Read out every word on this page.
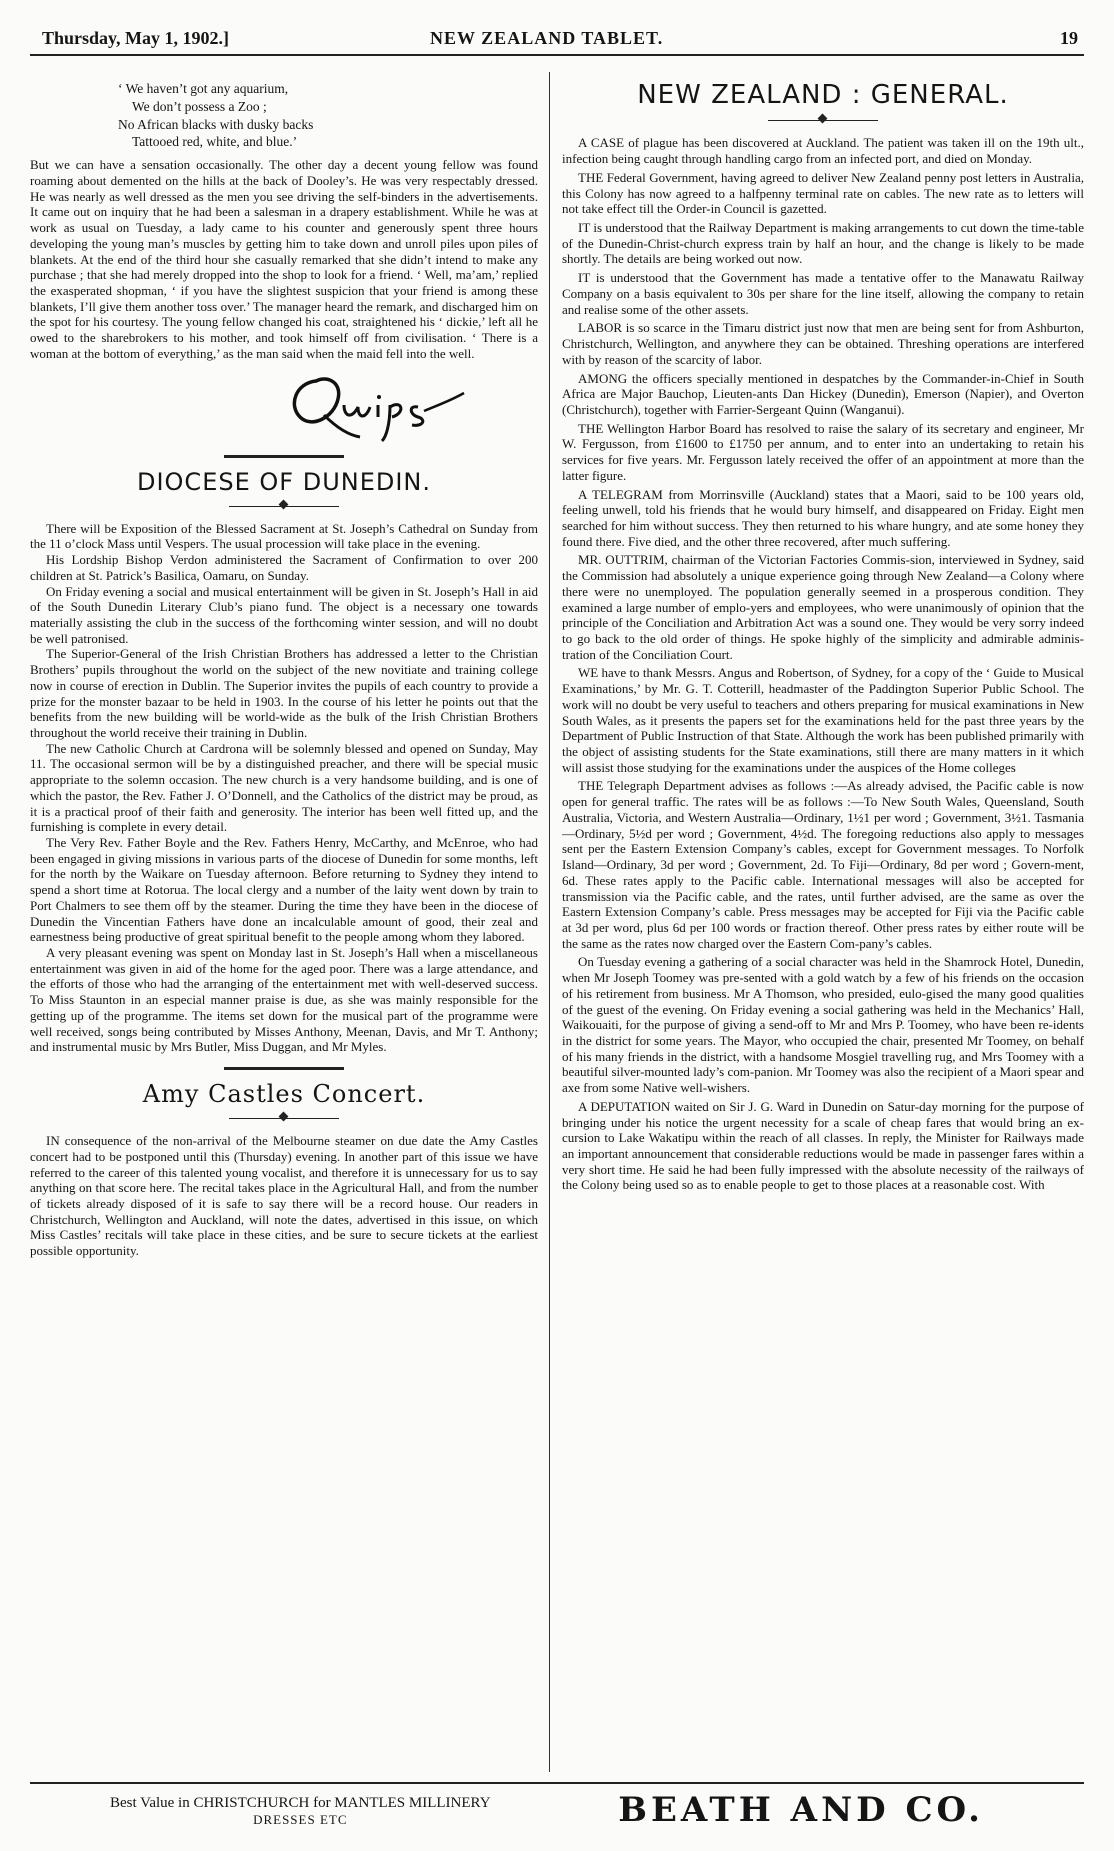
Thursday, May 1, 1902.]	NEW ZEALAND TABLET.	19
‘ We haven’t got any aquarium,
We don’t possess a Zoo ;
No African blacks with dusky backs
Tattooed red, white, and blue.’

But we can have a sensation occasionally. The other day a decent young fellow was found roaming about demented on the hills at the back of Dooley’s. He was very respectably dressed. He was nearly as well dressed as the men you see driving the self-binders in the advertisements. It came out on inquiry that he had been a salesman in a drapery establishment. While he was at work as usual on Tuesday, a lady came to his counter and generously spent three hours developing the young man’s muscles by getting him to take down and unroll piles upon piles of blankets. At the end of the third hour she casually remarked that she didn’t intend to make any purchase ; that she had merely dropped into the shop to look for a friend. ‘ Well, ma’am,’ replied the exasperated shopman, ‘ if you have the slightest suspicion that your friend is among these blankets, I’ll give them another toss over.’ The manager heard the remark, and discharged him on the spot for his courtesy. The young fellow changed his coat, straightened his ‘ dickie,’ left all he owed to the sharebrokers to his mother, and took himself off from civilisation. ‘ There is a woman at the bottom of everything,’ as the man said when the maid fell into the well.

Quips
DIOCESE OF DUNEDIN.

There will be Exposition of the Blessed Sacrament at St. Joseph’s Cathedral on Sunday from the 11 o’clock Mass until Vespers. The usual procession will take place in the evening.

His Lordship Bishop Verdon administered the Sacrament of Confirmation to over 200 children at St. Patrick’s Basilica, Oamaru, on Sunday.

On Friday evening a social and musical entertainment will be given in St. Joseph’s Hall in aid of the South Dunedin Literary Club’s piano fund. The object is a necessary one towards materially assisting the club in the success of the forthcoming winter session, and will no doubt be well patronised.

The Superior-General of the Irish Christian Brothers has addressed a letter to the Christian Brothers’ pupils throughout the world on the subject of the new novitiate and training college now in course of erection in Dublin. The Superior invites the pupils of each country to provide a prize for the monster bazaar to be held in 1903. In the course of his letter he points out that the benefits from the new building will be world-wide as the bulk of the Irish Christian Brothers throughout the world receive their training in Dublin.

The new Catholic Church at Cardrona will be solemnly blessed and opened on Sunday, May 11. The occasional sermon will be by a distinguished preacher, and there will be special music appropriate to the solemn occasion. The new church is a very handsome building, and is one of which the pastor, the Rev. Father J. O’Donnell, and the Catholics of the district may be proud, as it is a practical proof of their faith and generosity. The interior has been well fitted up, and the furnishing is complete in every detail.

The Very Rev. Father Boyle and the Rev. Fathers Henry, McCarthy, and McEnroe, who had been engaged in giving missions in various parts of the diocese of Dunedin for some months, left for the north by the Waikare on Tuesday afternoon. Before returning to Sydney they intend to spend a short time at Rotorua. The local clergy and a number of the laity went down by train to Port Chalmers to see them off by the steamer. During the time they have been in the diocese of Dunedin the Vincentian Fathers have done an incalculable amount of good, their zeal and earnestness being productive of great spiritual benefit to the people among whom they labored.

A very pleasant evening was spent on Monday last in St. Joseph’s Hall when a miscellaneous entertainment was given in aid of the home for the aged poor. There was a large attendance, and the efforts of those who had the arranging of the entertainment met with well-deserved success. To Miss Staunton in an especial manner praise is due, as she was mainly responsible for the getting up of the programme. The items set down for the musical part of the programme were well received, songs being contributed by Misses Anthony, Meenan, Davis, and Mr T. Anthony; and instrumental music by Mrs Butler, Miss Duggan, and Mr Myles.

Amy Castles Concert.

IN consequence of the non-arrival of the Melbourne steamer on due date the Amy Castles concert had to be postponed until this (Thursday) evening. In another part of this issue we have referred to the career of this talented young vocalist, and therefore it is unnecessary for us to say anything on that score here. The recital takes place in the Agricultural Hall, and from the number of tickets already disposed of it is safe to say there will be a record house. Our readers in Christchurch, Wellington and Auckland, will note the dates, advertised in this issue, on which Miss Castles’ recitals will take place in these cities, and be sure to secure tickets at the earliest possible opportunity.

NEW ZEALAND : GENERAL.

A CASE of plague has been discovered at Auckland. The patient was taken ill on the 19th ult., infection being caught through handling cargo from an infected port, and died on Monday.

THE Federal Government, having agreed to deliver New Zealand penny post letters in Australia, this Colony has now agreed to a halfpenny terminal rate on cables. The new rate as to letters will not take effect till the Order-in Council is gazetted.

IT is understood that the Railway Department is making arrangements to cut down the time-table of the Dunedin-Christ-church express train by half an hour, and the change is likely to be made shortly. The details are being worked out now.

IT is understood that the Government has made a tentative offer to the Manawatu Railway Company on a basis equivalent to 30s per share for the line itself, allowing the company to retain and realise some of the other assets.

LABOR is so scarce in the Timaru district just now that men are being sent for from Ashburton, Christchurch, Wellington, and anywhere they can be obtained. Threshing operations are interfered with by reason of the scarcity of labor.

AMONG the officers specially mentioned in despatches by the Commander-in-Chief in South Africa are Major Bauchop, Lieuten-ants Dan Hickey (Dunedin), Emerson (Napier), and Overton (Christchurch), together with Farrier-Sergeant Quinn (Wanganui).

THE Wellington Harbor Board has resolved to raise the salary of its secretary and engineer, Mr W. Fergusson, from £1600 to £1750 per annum, and to enter into an undertaking to retain his services for five years. Mr. Fergusson lately received the offer of an appointment at more than the latter figure.

A TELEGRAM from Morrinsville (Auckland) states that a Maori, said to be 100 years old, feeling unwell, told his friends that he would bury himself, and disappeared on Friday. Eight men searched for him without success. They then returned to his whare hungry, and ate some honey they found there. Five died, and the other three recovered, after much suffering.

MR. OUTTRIM, chairman of the Victorian Factories Commis-sion, interviewed in Sydney, said the Commission had absolutely a unique experience going through New Zealand—a Colony where there were no unemployed. The population generally seemed in a prosperous condition. They examined a large number of emplo-yers and employees, who were unanimously of opinion that the principle of the Conciliation and Arbitration Act was a sound one. They would be very sorry indeed to go back to the old order of things. He spoke highly of the simplicity and admirable adminis-tration of the Conciliation Court.

WE have to thank Messrs. Angus and Robertson, of Sydney, for a copy of the ‘ Guide to Musical Examinations,’ by Mr. G. T. Cotterill, headmaster of the Paddington Superior Public School. The work will no doubt be very useful to teachers and others preparing for musical examinations in New South Wales, as it presents the papers set for the examinations held for the past three years by the Department of Public Instruction of that State. Although the work has been published primarily with the object of assisting students for the State examinations, still there are many matters in it which will assist those studying for the examinations under the auspices of the Home colleges

THE Telegraph Department advises as follows :—As already advised, the Pacific cable is now open for general traffic. The rates will be as follows :—To New South Wales, Queensland, South Australia, Victoria, and Western Australia—Ordinary, 1½1 per word ; Government, 3½1. Tasmania—Ordinary, 5½d per word ; Government, 4½d. The foregoing reductions also apply to messages sent per the Eastern Extension Company’s cables, except for Government messages. To Norfolk Island—Ordinary, 3d per word ; Government, 2d. To Fiji—Ordinary, 8d per word ; Govern-ment, 6d. These rates apply to the Pacific cable. International messages will also be accepted for transmission via the Pacific cable, and the rates, until further advised, are the same as over the Eastern Extension Company’s cable. Press messages may be accepted for Fiji via the Pacific cable at 3d per word, plus 6d per 100 words or fraction thereof. Other press rates by either route will be the same as the rates now charged over the Eastern Com-pany’s cables.

On Tuesday evening a gathering of a social character was held in the Shamrock Hotel, Dunedin, when Mr Joseph Toomey was pre-sented with a gold watch by a few of his friends on the occasion of his retirement from business. Mr A Thomson, who presided, eulo-gised the many good qualities of the guest of the evening. On Friday evening a social gathering was held in the Mechanics’ Hall, Waikouaiti, for the purpose of giving a send-off to Mr and Mrs P. Toomey, who have been re-idents in the district for some years. The Mayor, who occupied the chair, presented Mr Toomey, on behalf of his many friends in the district, with a handsome Mosgiel travelling rug, and Mrs Toomey with a beautiful silver-mounted lady’s com-panion. Mr Toomey was also the recipient of a Maori spear and axe from some Native well-wishers.

A DEPUTATION waited on Sir J. G. Ward in Dunedin on Satur-day morning for the purpose of bringing under his notice the urgent necessity for a scale of cheap fares that would bring an ex-cursion to Lake Wakatipu within the reach of all classes. In reply, the Minister for Railways made an important announcement that considerable reductions would be made in passenger fares within a very short time. He said he had been fully impressed with the absolute necessity of the railways of the Colony being used so as to enable people to get to those places at a reasonable cost. With

Best Value in CHRISTCHURCH for MANTLES MILLINERY
DRESSES ETC	BEATH AND CO.
